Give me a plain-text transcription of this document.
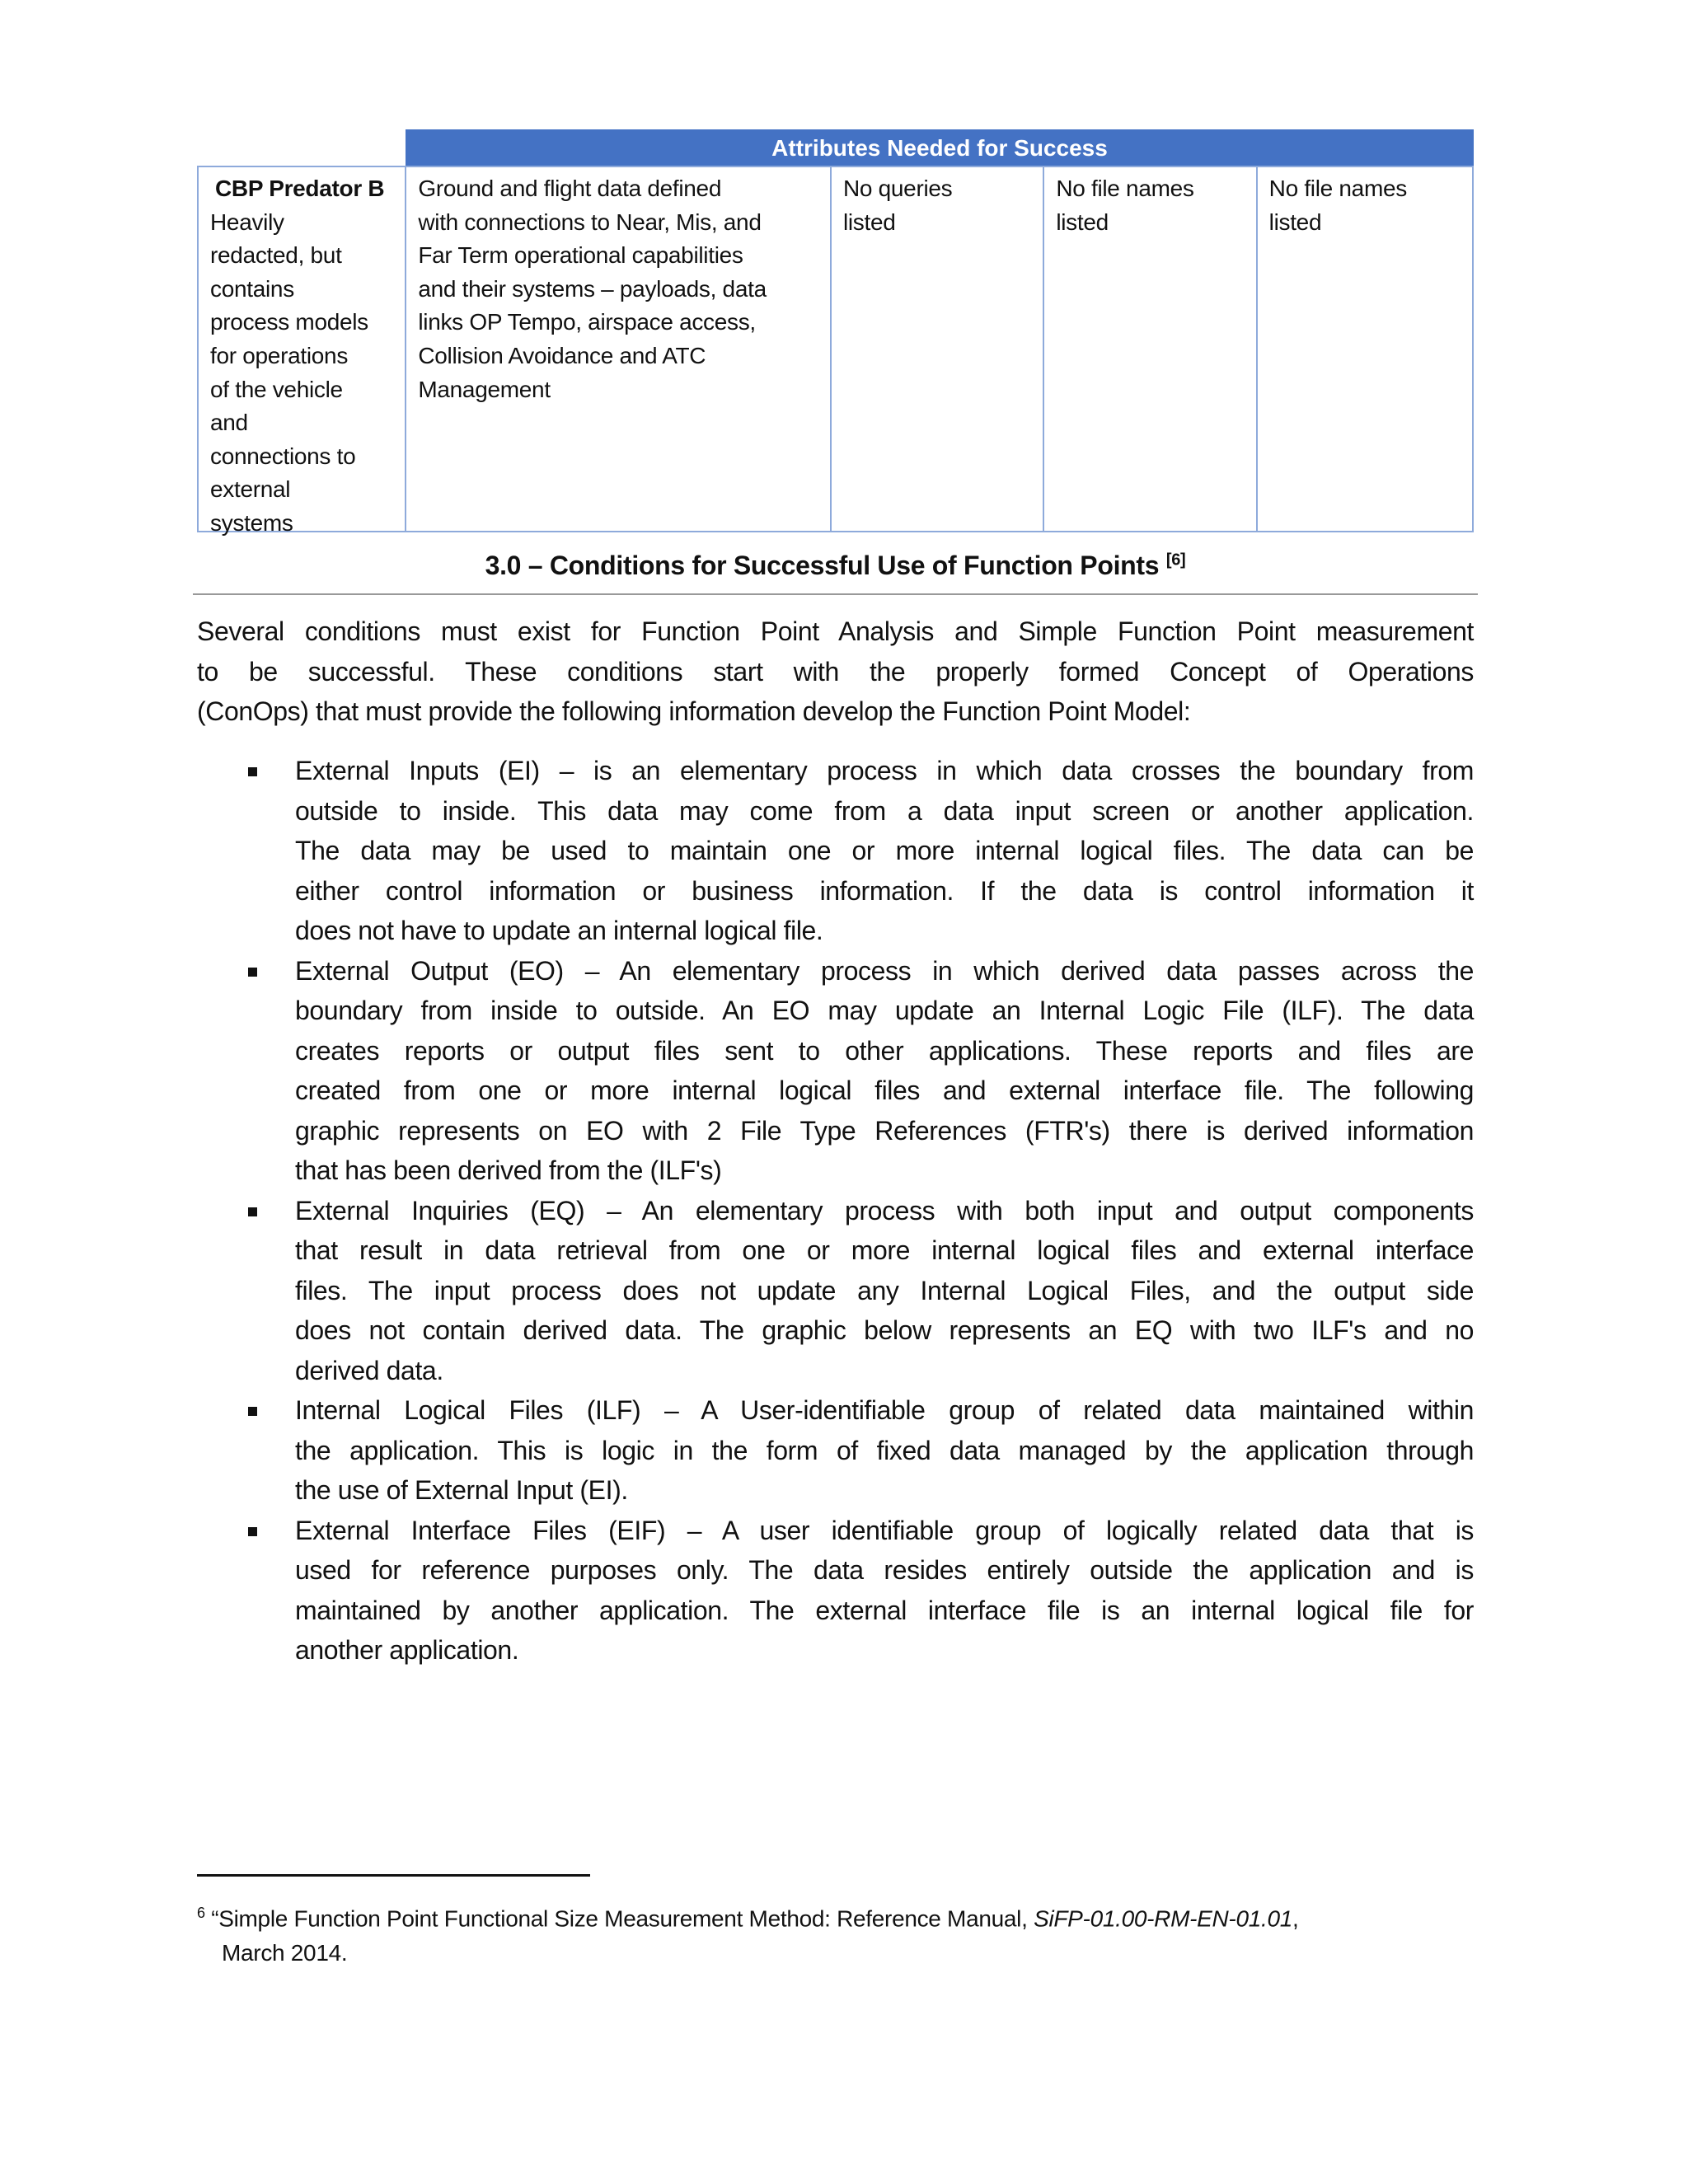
Attributes Needed for Success
CBP Predator B
Heavily
redacted, but
contains
process models
for operations
of the vehicle
and
connections to
external
systems
Ground and flight data defined
with connections to Near, Mis, and
Far Term operational capabilities
and their systems – payloads, data
links OP Tempo, airspace access,
Collision Avoidance and ATC
Management
No queries
listed
No file names
listed
No file names
listed
3.0 – Conditions for Successful Use of Function Points [6]
Several conditions must exist for Function Point Analysis and Simple Function Point measurement
to be successful. These conditions start with the properly formed Concept of Operations
(ConOps) that must provide the following information develop the Function Point Model:
External Inputs (EI) – is an elementary process in which data crosses the boundary from
outside to inside. This data may come from a data input screen or another application.
The data may be used to maintain one or more internal logical files. The data can be
either control information or business information. If the data is control information it
does not have to update an internal logical file.
External Output (EO) – An elementary process in which derived data passes across the
boundary from inside to outside. An EO may update an Internal Logic File (ILF). The data
creates reports or output files sent to other applications. These reports and files are
created from one or more internal logical files and external interface file. The following
graphic represents on EO with 2 File Type References (FTR's) there is derived information
that has been derived from the (ILF's)
External Inquiries (EQ) – An elementary process with both input and output components
that result in data retrieval from one or more internal logical files and external interface
files. The input process does not update any Internal Logical Files, and the output side
does not contain derived data. The graphic below represents an EQ with two ILF's and no
derived data.
Internal Logical Files (ILF) – A User-identifiable group of related data maintained within
the application. This is logic in the form of fixed data managed by the application through
the use of External Input (EI).
External Interface Files (EIF) – A user identifiable group of logically related data that is
used for reference purposes only. The data resides entirely outside the application and is
maintained by another application. The external interface file is an internal logical file for
another application.
$^6$ “Simple Function Point Functional Size Measurement Method: Reference Manual, SiFP-01.00-RM-EN-01.01,
March 2014.
